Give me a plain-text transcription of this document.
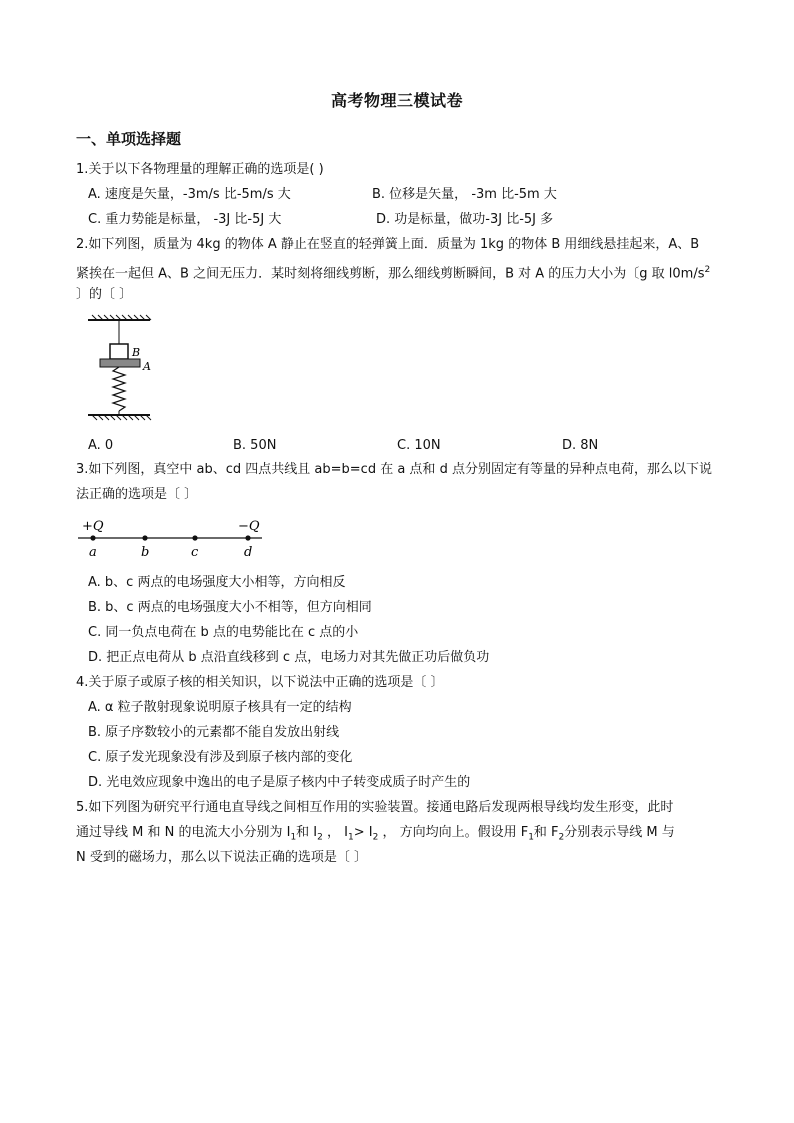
高考物理三模试卷
一、单项选择题
1.关于以下各物理量的理解正确的选项是( )
A. 速度是矢量，-3m/s 比-5m/s 大	B. 位移是矢量， -3m 比-5m 大
C. 重力势能是标量， -3J 比-5J 大	D. 功是标量，做功-3J 比-5J 多
2.如下列图，质量为 4kg 的物体 A 静止在竖直的轻弹簧上面．质量为 1kg 的物体 B 用细线悬挂起来，A、B
紧挨在一起但 A、B 之间无压力．某时刻将细线剪断，那么细线剪断瞬间，B 对 A 的压力大小为〔g 取 $l0m/s^2$
〕的〔 〕
B
A
A. 0	B. 50N	C. 10N	D. 8N
3.如下列图，真空中 ab、cd 四点共线且 ab=b=cd 在 a 点和 d 点分别固定有等量的异种点电荷，那么以下说
法正确的选项是〔 〕
+Q	−Q
a	b	c	d
A. b、c 两点的电场强度大小相等，方向相反
B. b、c 两点的电场强度大小不相等，但方向相同
C. 同一负点电荷在 b 点的电势能比在 c 点的小
D. 把正点电荷从 b 点沿直线移到 c 点，电场力对其先做正功后做负功
4.关于原子或原子核的相关知识，以下说法中正确的选项是〔 〕
A. α 粒子散射现象说明原子核具有一定的结构
B. 原子序数较小的元素都不能自发放出射线
C. 原子发光现象没有涉及到原子核内部的变化
D. 光电效应现象中逸出的电子是原子核内中子转变成质子时产生的
5.如下列图为研究平行通电直导线之间相互作用的实验装置。接通电路后发现两根导线均发生形变，此时
通过导线 M 和 N 的电流大小分别为 $I_1$和 $I_2$ ， $I_1> I_2$ ， 方向均向上。假设用 $F_1$和 $F_2$分别表示导线 M 与
N 受到的磁场力，那么以下说法正确的选项是〔 〕
